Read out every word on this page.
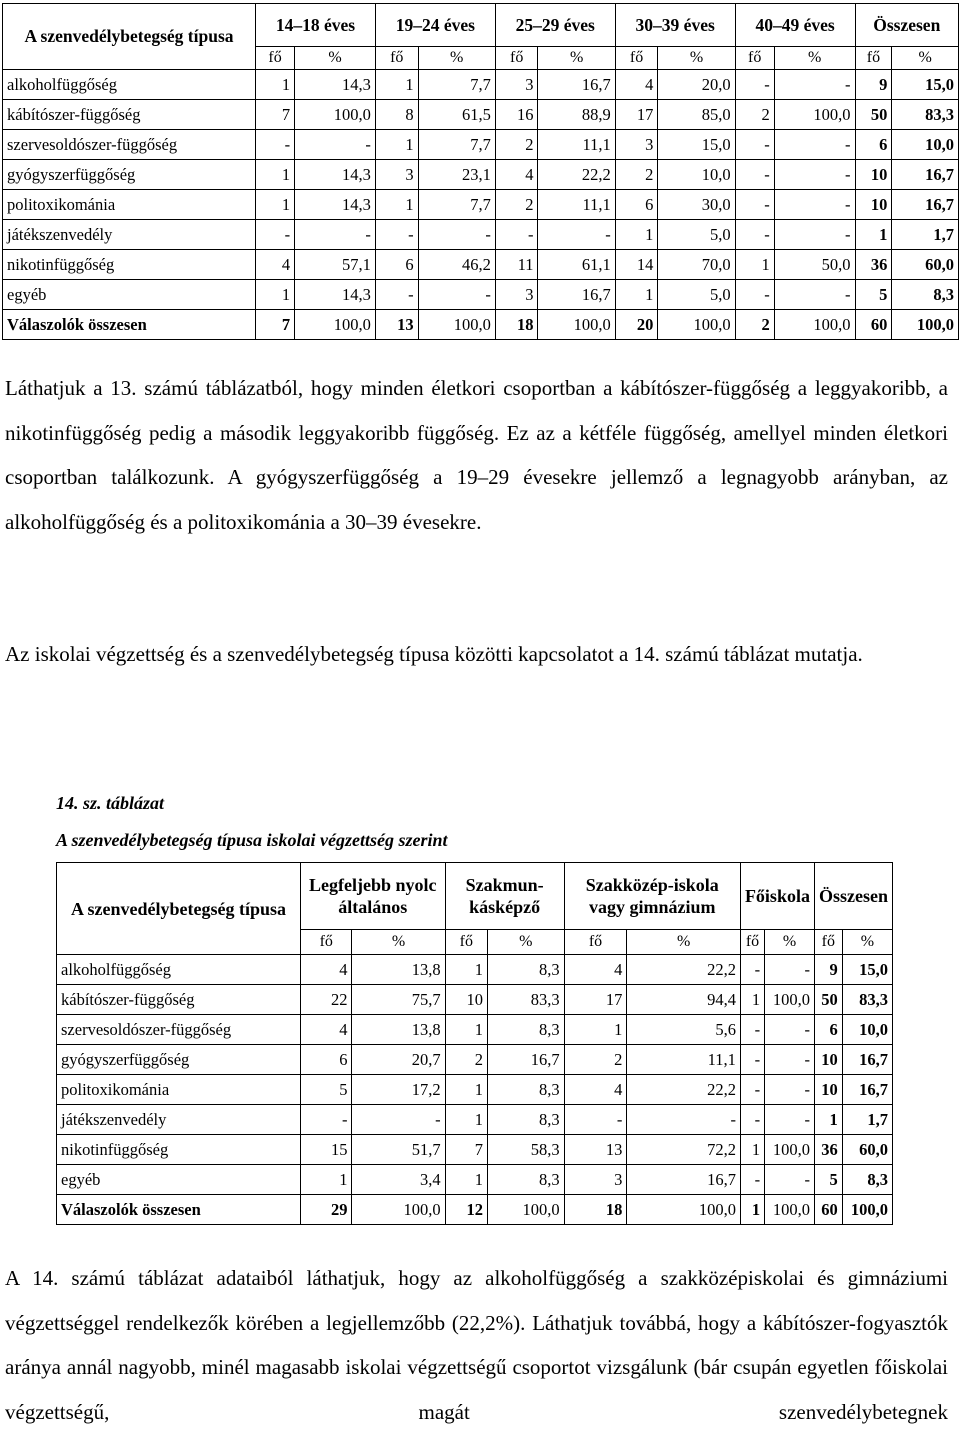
A szenvedélybetegség típusa	14–18 éves		19–24 éves		25–29 éves		30–39 éves		40–49 éves		Összesen	
	fő	%	fő	%	fő	%	fő	%	fő	%	fő	%
alkoholfüggőség	1	14,3	1	7,7	3	16,7	4	20,0	-	-	9	15,0
kábítószer-függőség	7	100,0	8	61,5	16	88,9	17	85,0	2	100,0	50	83,3
szervesoldószer-függőség	-	-	1	7,7	2	11,1	3	15,0	-	-	6	10,0
gyógyszerfüggőség	1	14,3	3	23,1	4	22,2	2	10,0	-	-	10	16,7
politoxikománia	1	14,3	1	7,7	2	11,1	6	30,0	-	-	10	16,7
játékszenvedély	-	-	-	-	-	-	1	5,0	-	-	1	1,7
nikotinfüggőség	4	57,1	6	46,2	11	61,1	14	70,0	1	50,0	36	60,0
egyéb	1	14,3	-	-	3	16,7	1	5,0	-	-	5	8,3
Válaszolók összesen	7	100,0	13	100,0	18	100,0	20	100,0	2	100,0	60	100,0

Láthatjuk a 13. számú táblázatból, hogy minden életkori csoportban a kábítószer-függőség a leggyakoribb, a nikotinfüggőség pedig a második leggyakoribb függőség. Ez az a kétféle függőség, amellyel minden életkori csoportban találkozunk. A gyógyszerfüggőség a 19–29 évesekre jellemző a legnagyobb arányban, az alkoholfüggőség és a politoxikománia a 30–39 évesekre.

Az iskolai végzettség és a szenvedélybetegség típusa közötti kapcsolatot a 14. számú táblázat mutatja.

14. sz. táblázat

A szenvedélybetegség típusa iskolai végzettség szerint

A szenvedélybetegség típusa	Legfeljebb nyolc általános		Szakmun-kásképző		Szakközép-iskola vagy gimnázium		Főiskola		Összesen	
	fő	%	fő	%	fő	%	fő	%	fő	%
alkoholfüggőség	4	13,8	1	8,3	4	22,2	-	-	9	15,0
kábítószer-függőség	22	75,7	10	83,3	17	94,4	1	100,0	50	83,3
szervesoldószer-függőség	4	13,8	1	8,3	1	5,6	-	-	6	10,0
gyógyszerfüggőség	6	20,7	2	16,7	2	11,1	-	-	10	16,7
politoxikománia	5	17,2	1	8,3	4	22,2	-	-	10	16,7
játékszenvedély	-	-	1	8,3	-	-	-	-	1	1,7
nikotinfüggőség	15	51,7	7	58,3	13	72,2	1	100,0	36	60,0
egyéb	1	3,4	1	8,3	3	16,7	-	-	5	8,3
Válaszolók összesen	29	100,0	12	100,0	18	100,0	1	100,0	60	100,0

A 14. számú táblázat adataiból láthatjuk, hogy az alkoholfüggőség a szakközépiskolai és gimnáziumi végzettséggel rendelkezők körében a legjellemzőbb (22,2%). Láthatjuk továbbá, hogy a kábítószer-fogyasztók aránya annál nagyobb, minél magasabb iskolai végzettségű csoportot vizsgálunk (bár csupán egyetlen főiskolai végzettségű, magát szenvedélybetegnek
